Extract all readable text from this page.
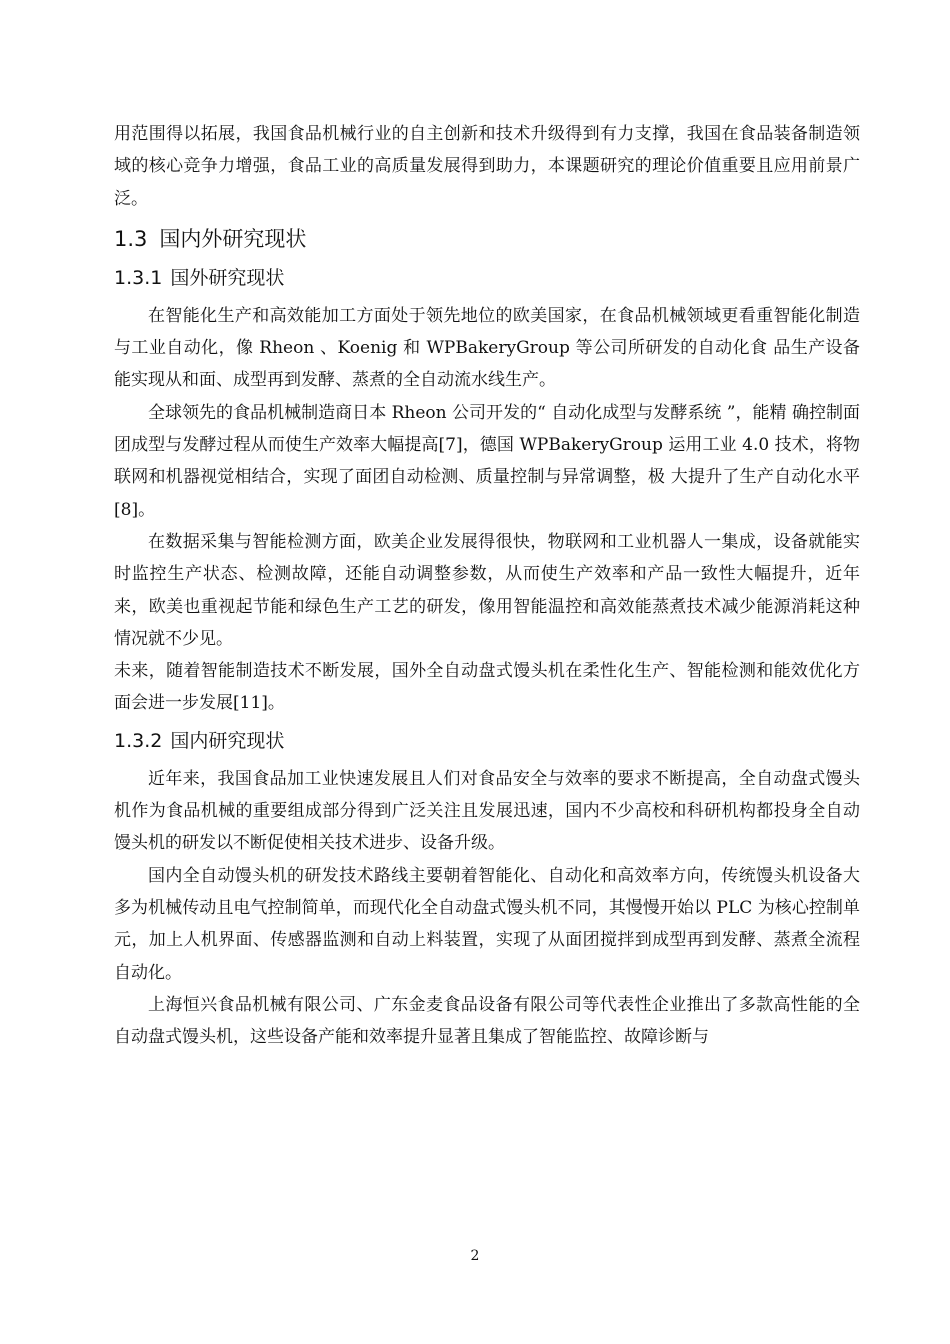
用范围得以拓展，我国食品机械行业的自主创新和技术升级得到有力支撑，我国在食品装备制造领域的核心竞争力增强，食品工业的高质量发展得到助力，本课题研究的理论价值重要且应用前景广泛。

1.3 国内外研究现状
1.3.1 国外研究现状

在智能化生产和高效能加工方面处于领先地位的欧美国家，在食品机械领域更看重智能化制造与工业自动化，像 Rheon 、Koenig 和 WPBakeryGroup 等公司所研发的自动化食 品生产设备能实现从和面、成型再到发酵、蒸煮的全自动流水线生产。

全球领先的食品机械制造商日本 Rheon 公司开发的“ 自动化成型与发酵系统 ”，能精 确控制面团成型与发酵过程从而使生产效率大幅提高[7]，德国 WPBakeryGroup 运用工业 4.0 技术，将物联网和机器视觉相结合，实现了面团自动检测、质量控制与异常调整，极 大提升了生产自动化水平[8]。

在数据采集与智能检测方面，欧美企业发展得很快，物联网和工业机器人一集成，设备就能实时监控生产状态、检测故障，还能自动调整参数，从而使生产效率和产品一致性大幅提升，近年来，欧美也重视起节能和绿色生产工艺的研发，像用智能温控和高效能蒸煮技术减少能源消耗这种情况就不少见。

未来，随着智能制造技术不断发展，国外全自动盘式馒头机在柔性化生产、智能检测和能效优化方面会进一步发展[11]。

1.3.2 国内研究现状

近年来，我国食品加工业快速发展且人们对食品安全与效率的要求不断提高，全自动盘式馒头机作为食品机械的重要组成部分得到广泛关注且发展迅速，国内不少高校和科研机构都投身全自动馒头机的研发以不断促使相关技术进步、设备升级。

国内全自动馒头机的研发技术路线主要朝着智能化、自动化和高效率方向，传统馒头机设备大多为机械传动且电气控制简单，而现代化全自动盘式馒头机不同，其慢慢开始以 PLC 为核心控制单元，加上人机界面、传感器监测和自动上料装置，实现了从面团搅拌到成型再到发酵、蒸煮全流程自动化。

上海恒兴食品机械有限公司、广东金麦食品设备有限公司等代表性企业推出了多款高性能的全自动盘式馒头机，这些设备产能和效率提升显著且集成了智能监控、故障诊断与

2
